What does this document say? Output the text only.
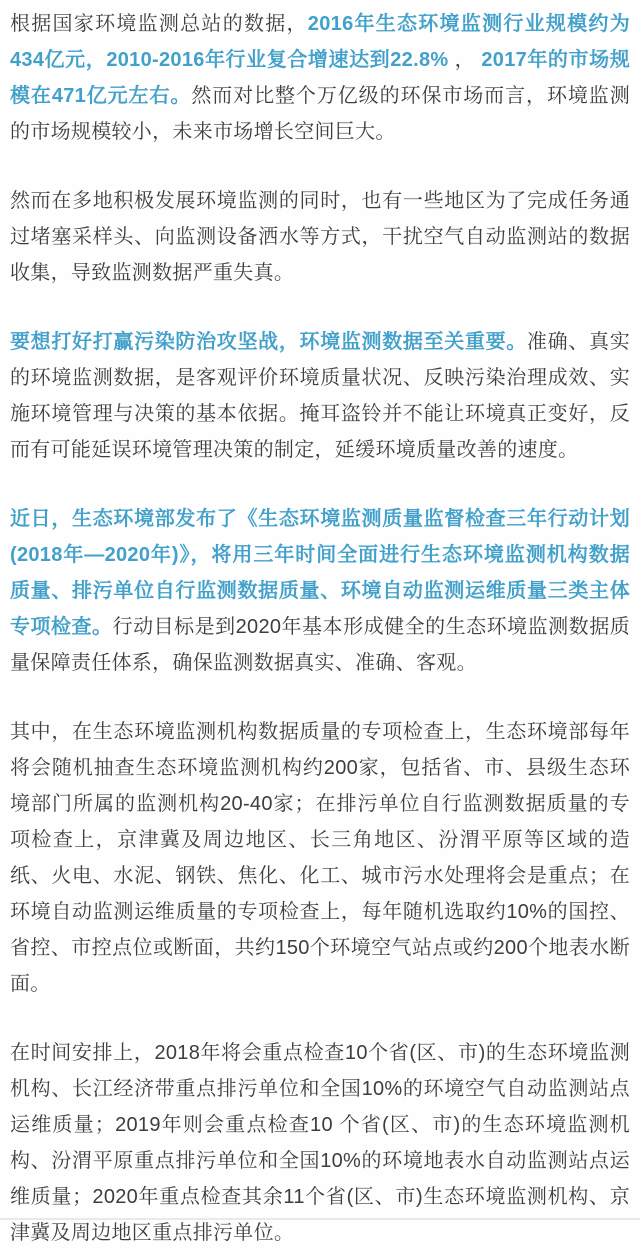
根据国家环境监测总站的数据，2016年生态环境监测行业规模约为434亿元，2010-2016年行业复合增速达到22.8% ， 2017年的市场规模在471亿元左右。然而对比整个万亿级的环保市场而言，环境监测的市场规模较小，未来市场增长空间巨大。

然而在多地积极发展环境监测的同时，也有一些地区为了完成任务通过堵塞采样头、向监测设备洒水等方式，干扰空气自动监测站的数据收集，导致监测数据严重失真。

要想打好打赢污染防治攻坚战，环境监测数据至关重要。准确、真实的环境监测数据，是客观评价环境质量状况、反映污染治理成效、实施环境管理与决策的基本依据。掩耳盗铃并不能让环境真正变好，反而有可能延误环境管理决策的制定，延缓环境质量改善的速度。

近日，生态环境部发布了《生态环境监测质量监督检查三年行动计划(2018年—2020年)》，将用三年时间全面进行生态环境监测机构数据质量、排污单位自行监测数据质量、环境自动监测运维质量三类主体专项检查。行动目标是到2020年基本形成健全的生态环境监测数据质量保障责任体系，确保监测数据真实、准确、客观。

其中，在生态环境监测机构数据质量的专项检查上，生态环境部每年将会随机抽查生态环境监测机构约200家，包括省、市、县级生态环境部门所属的监测机构20-40家；在排污单位自行监测数据质量的专项检查上，京津冀及周边地区、长三角地区、汾渭平原等区域的造纸、火电、水泥、钢铁、焦化、化工、城市污水处理将会是重点；在环境自动监测运维质量的专项检查上，每年随机选取约10%的国控、省控、市控点位或断面，共约150个环境空气站点或约200个地表水断面。

在时间安排上，2018年将会重点检查10个省(区、市)的生态环境监测机构、长江经济带重点排污单位和全国10%的环境空气自动监测站点运维质量；2019年则会重点检查10 个省(区、市)的生态环境监测机构、汾渭平原重点排污单位和全国10%的环境地表水自动监测站点运维质量；2020年重点检查其余11个省(区、市)生态环境监测机构、京津冀及周边地区重点排污单位。
